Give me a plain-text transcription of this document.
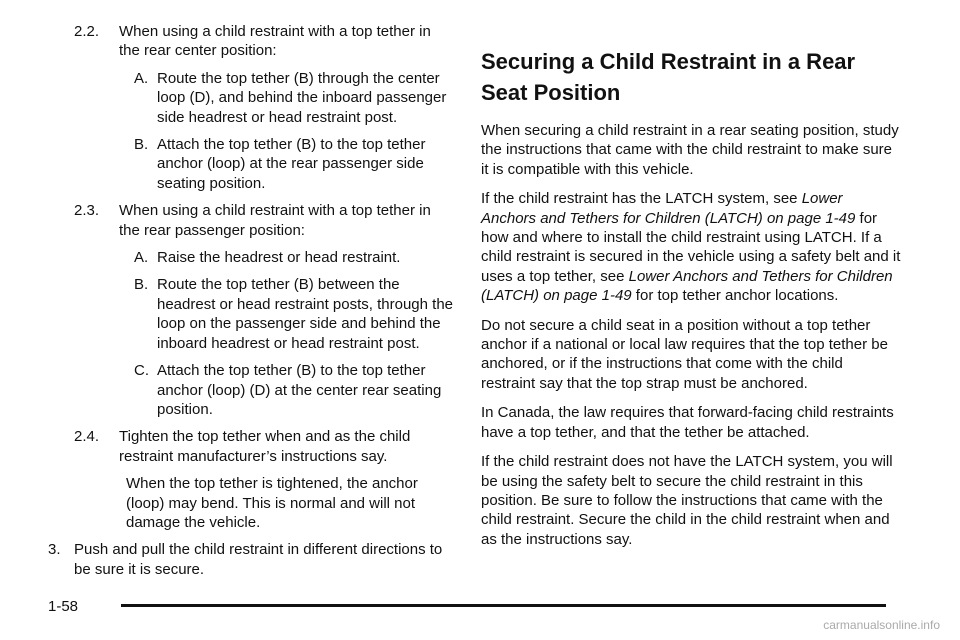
2.2.	When using a child restraint with a top tether in the rear center position:
A. Route the top tether (B) through the center loop (D), and behind the inboard passenger side headrest or head restraint post.
B. Attach the top tether (B) to the top tether anchor (loop) at the rear passenger side seating position.
2.3.	When using a child restraint with a top tether in the rear passenger position:
A. Raise the headrest or head restraint.
B. Route the top tether (B) between the headrest or head restraint posts, through the loop on the passenger side and behind the inboard headrest or head restraint post.
C. Attach the top tether (B) to the top tether anchor (loop) (D) at the center rear seating position.
2.4.	Tighten the top tether when and as the child restraint manufacturer’s instructions say.
When the top tether is tightened, the anchor (loop) may bend. This is normal and will not damage the vehicle.
3. Push and pull the child restraint in different directions to be sure it is secure.
Securing a Child Restraint in a Rear Seat Position

When securing a child restraint in a rear seating position, study the instructions that came with the child restraint to make sure it is compatible with this vehicle.

If the child restraint has the LATCH system, see Lower Anchors and Tethers for Children (LATCH) on page 1-49 for how and where to install the child restraint using LATCH. If a child restraint is secured in the vehicle using a safety belt and it uses a top tether, see Lower Anchors and Tethers for Children (LATCH) on page 1-49 for top tether anchor locations.

Do not secure a child seat in a position without a top tether anchor if a national or local law requires that the top tether be anchored, or if the instructions that come with the child restraint say that the top strap must be anchored.

In Canada, the law requires that forward-facing child restraints have a top tether, and that the tether be attached.

If the child restraint does not have the LATCH system, you will be using the safety belt to secure the child restraint in this position. Be sure to follow the instructions that came with the child restraint. Secure the child in the child restraint when and as the instructions say.

1-58
carmanualsonline.info
